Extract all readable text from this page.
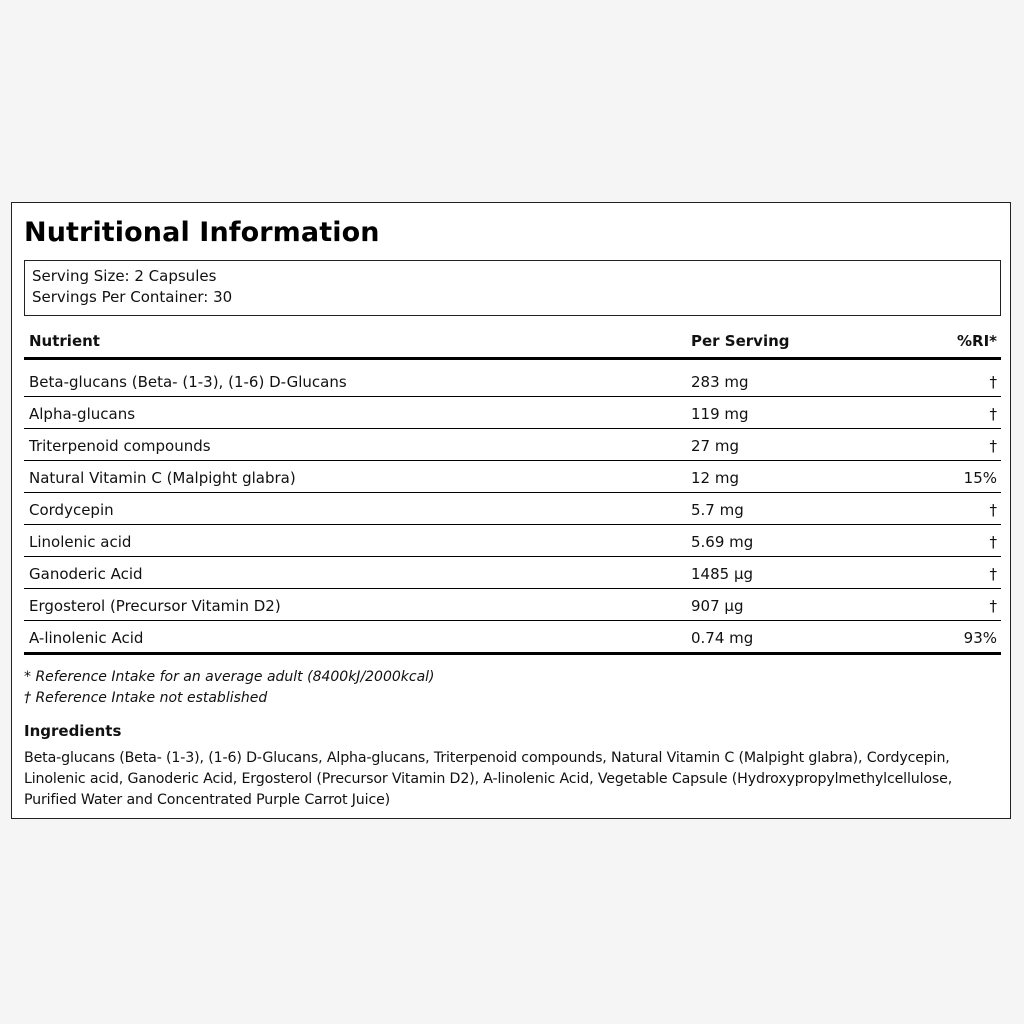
Nutritional Information
Serving Size: 2 Capsules
Servings Per Container: 30
Nutrient	Per Serving	%RI*
Beta-glucans (Beta- (1-3), (1-6) D-Glucans	283 mg	†
Alpha-glucans	119 mg	†
Triterpenoid compounds	27 mg	†
Natural Vitamin C (Malpight glabra)	12 mg	15%
Cordycepin	5.7 mg	†
Linolenic acid	5.69 mg	†
Ganoderic Acid	1485 µg	†
Ergosterol (Precursor Vitamin D2)	907 µg	†
A-linolenic Acid	0.74 mg	93%
* Reference Intake for an average adult (8400kJ/2000kcal)
† Reference Intake not established
Ingredients
Beta-glucans (Beta- (1-3), (1-6) D-Glucans, Alpha-glucans, Triterpenoid compounds, Natural Vitamin C (Malpight glabra), Cordycepin, Linolenic acid, Ganoderic Acid, Ergosterol (Precursor Vitamin D2), A-linolenic Acid, Vegetable Capsule (Hydroxypropylmethylcellulose, Purified Water and Concentrated Purple Carrot Juice)
